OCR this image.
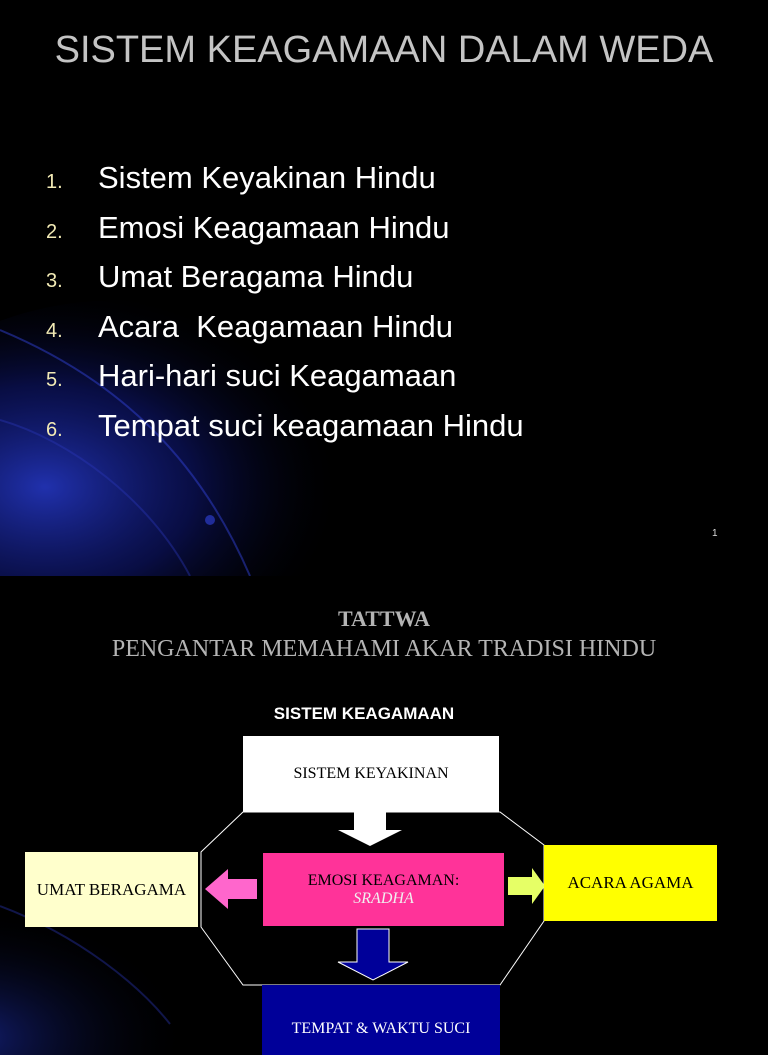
SISTEM KEAGAMAAN DALAM WEDA
1.	Sistem Keyakinan Hindu
2.	Emosi Keagamaan Hindu
3.	Umat Beragama Hindu
4.	Acara  Keagamaan Hindu
5.	Hari-hari suci Keagamaan
6.	Tempat suci keagamaan Hindu
1
TATTWA
PENGANTAR MEMAHAMI AKAR TRADISI HINDU
SISTEM KEAGAMAAN
SISTEM KEYAKINAN
UMAT BERAGAMA	EMOSI KEAGAMAN:
SRADHA
ACARA AGAMA
TEMPAT & WAKTU SUCI
